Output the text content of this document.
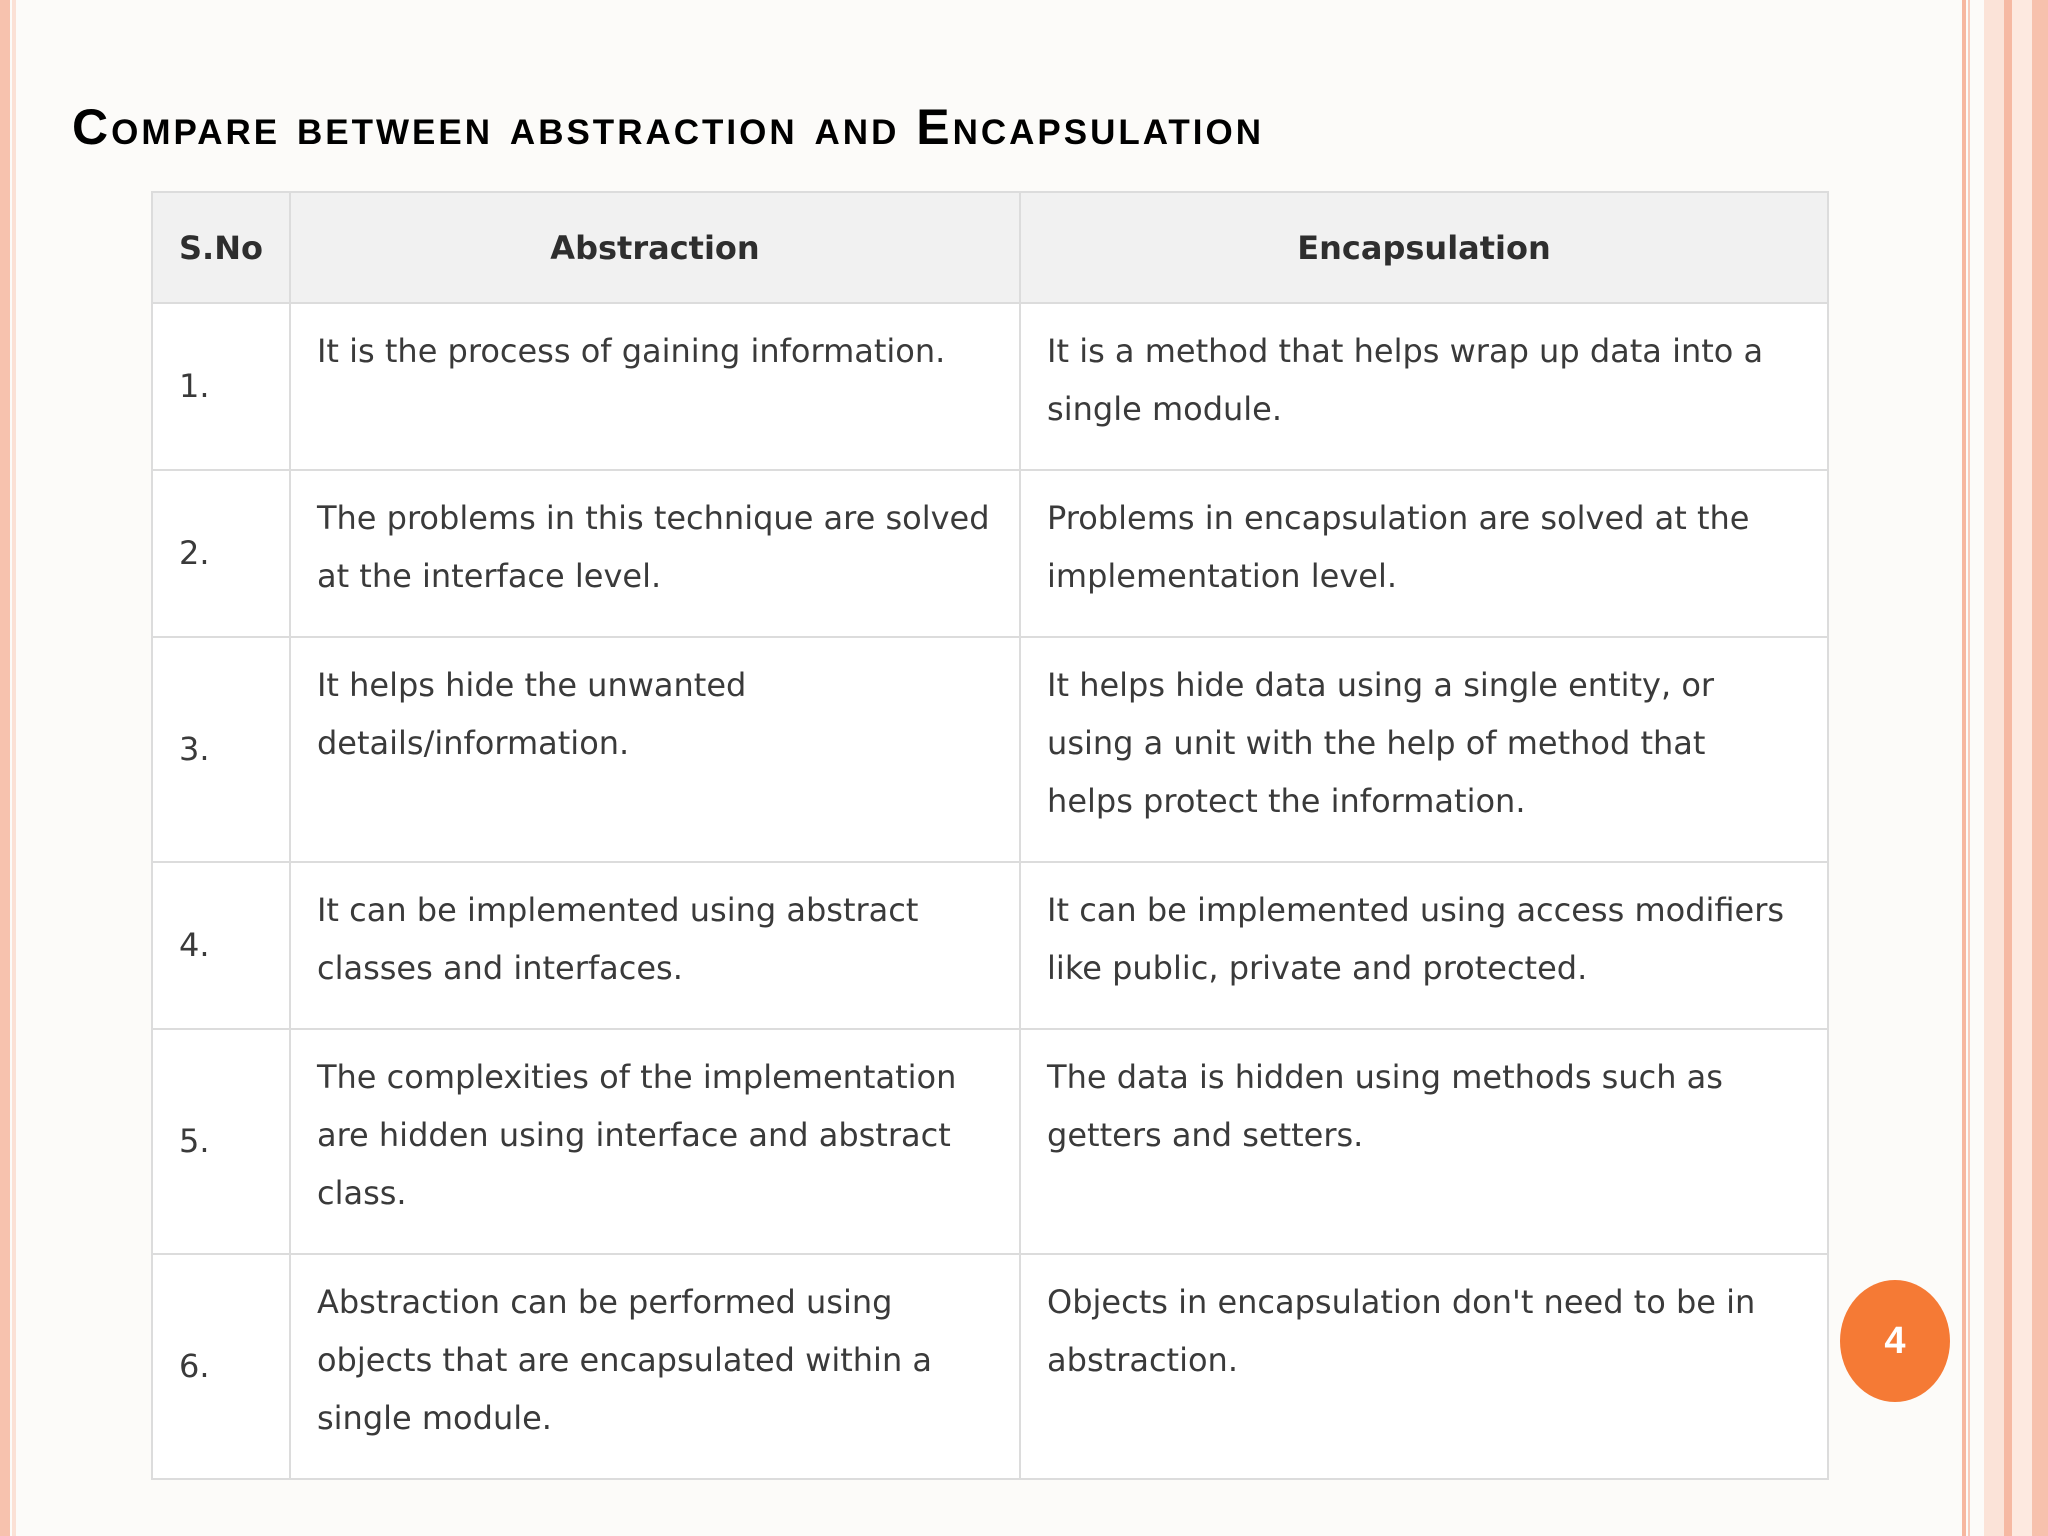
Compare between abstraction and Encapsulation
S.No	Abstraction	Encapsulation
1.	It is the process of gaining information.	It is a method that helps wrap up data into a single module.
2.	The problems in this technique are solved at the interface level.	Problems in encapsulation are solved at the implementation level.
3.	It helps hide the unwanted details/information.	It helps hide data using a single entity, or using a unit with the help of method that helps protect the information.
4.	It can be implemented using abstract classes and interfaces.	It can be implemented using access modifiers like public, private and protected.
5.	The complexities of the implementation are hidden using interface and abstract class.	The data is hidden using methods such as getters and setters.
6.	Abstraction can be performed using objects that are encapsulated within a single module.	Objects in encapsulation don't need to be in abstraction.	4
